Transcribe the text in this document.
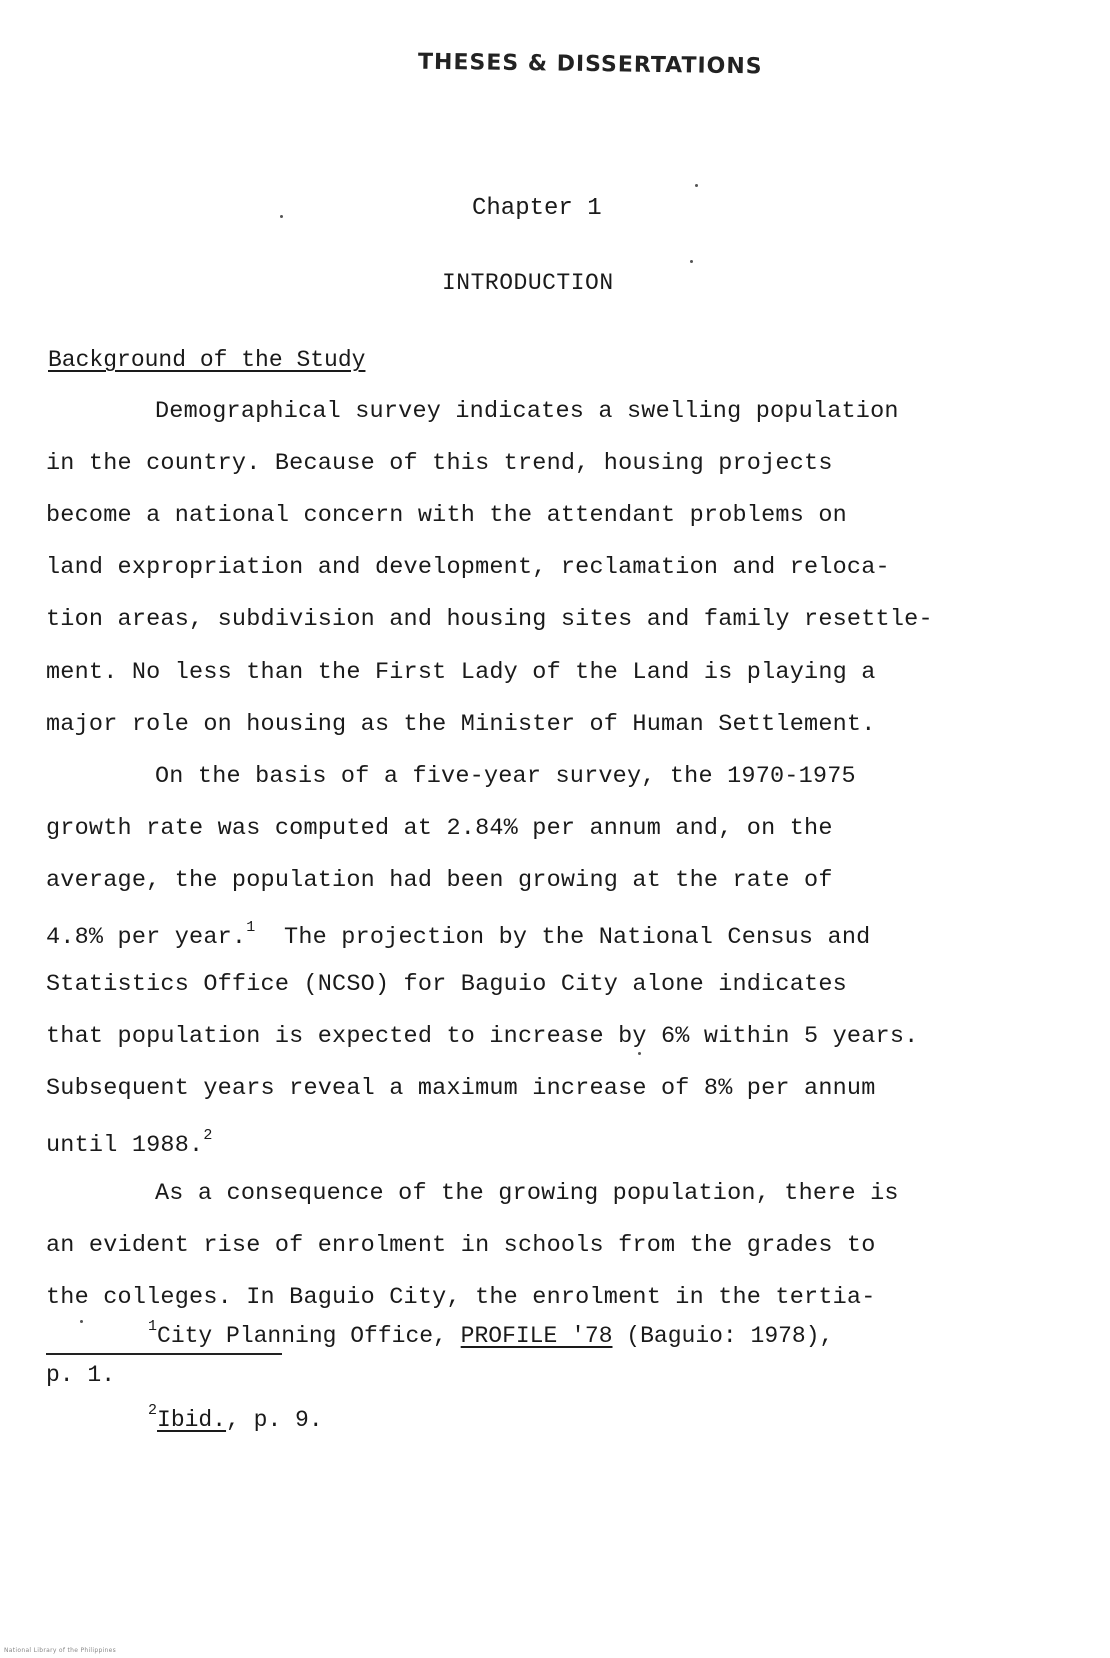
THESES & DISSERTATIONS
Chapter 1
INTRODUCTION
Background of the Study
Demographical survey indicates a swelling population
in the country. Because of this trend, housing projects
become a national concern with the attendant problems on
land expropriation and development, reclamation and reloca-
tion areas, subdivision and housing sites and family resettle-
ment. No less than the First Lady of the Land is playing a
major role on housing as the Minister of Human Settlement.
On the basis of a five-year survey, the 1970-1975
growth rate was computed at 2.84% per annum and, on the
average, the population had been growing at the rate of
4.8% per year.$^1$  The projection by the National Census and
Statistics Office (NCSO) for Baguio City alone indicates
that population is expected to increase by 6% within 5 years.
Subsequent years reveal a maximum increase of 8% per annum
until 1988.$^2$
As a consequence of the growing population, there is
an evident rise of enrolment in schools from the grades to
the colleges. In Baguio City, the enrolment in the tertia-
$^1$City Planning Office, PROFILE '78 (Baguio: 1978),
p. 1.
$^2$Ibid., p. 9.
National Library of the Philippines
